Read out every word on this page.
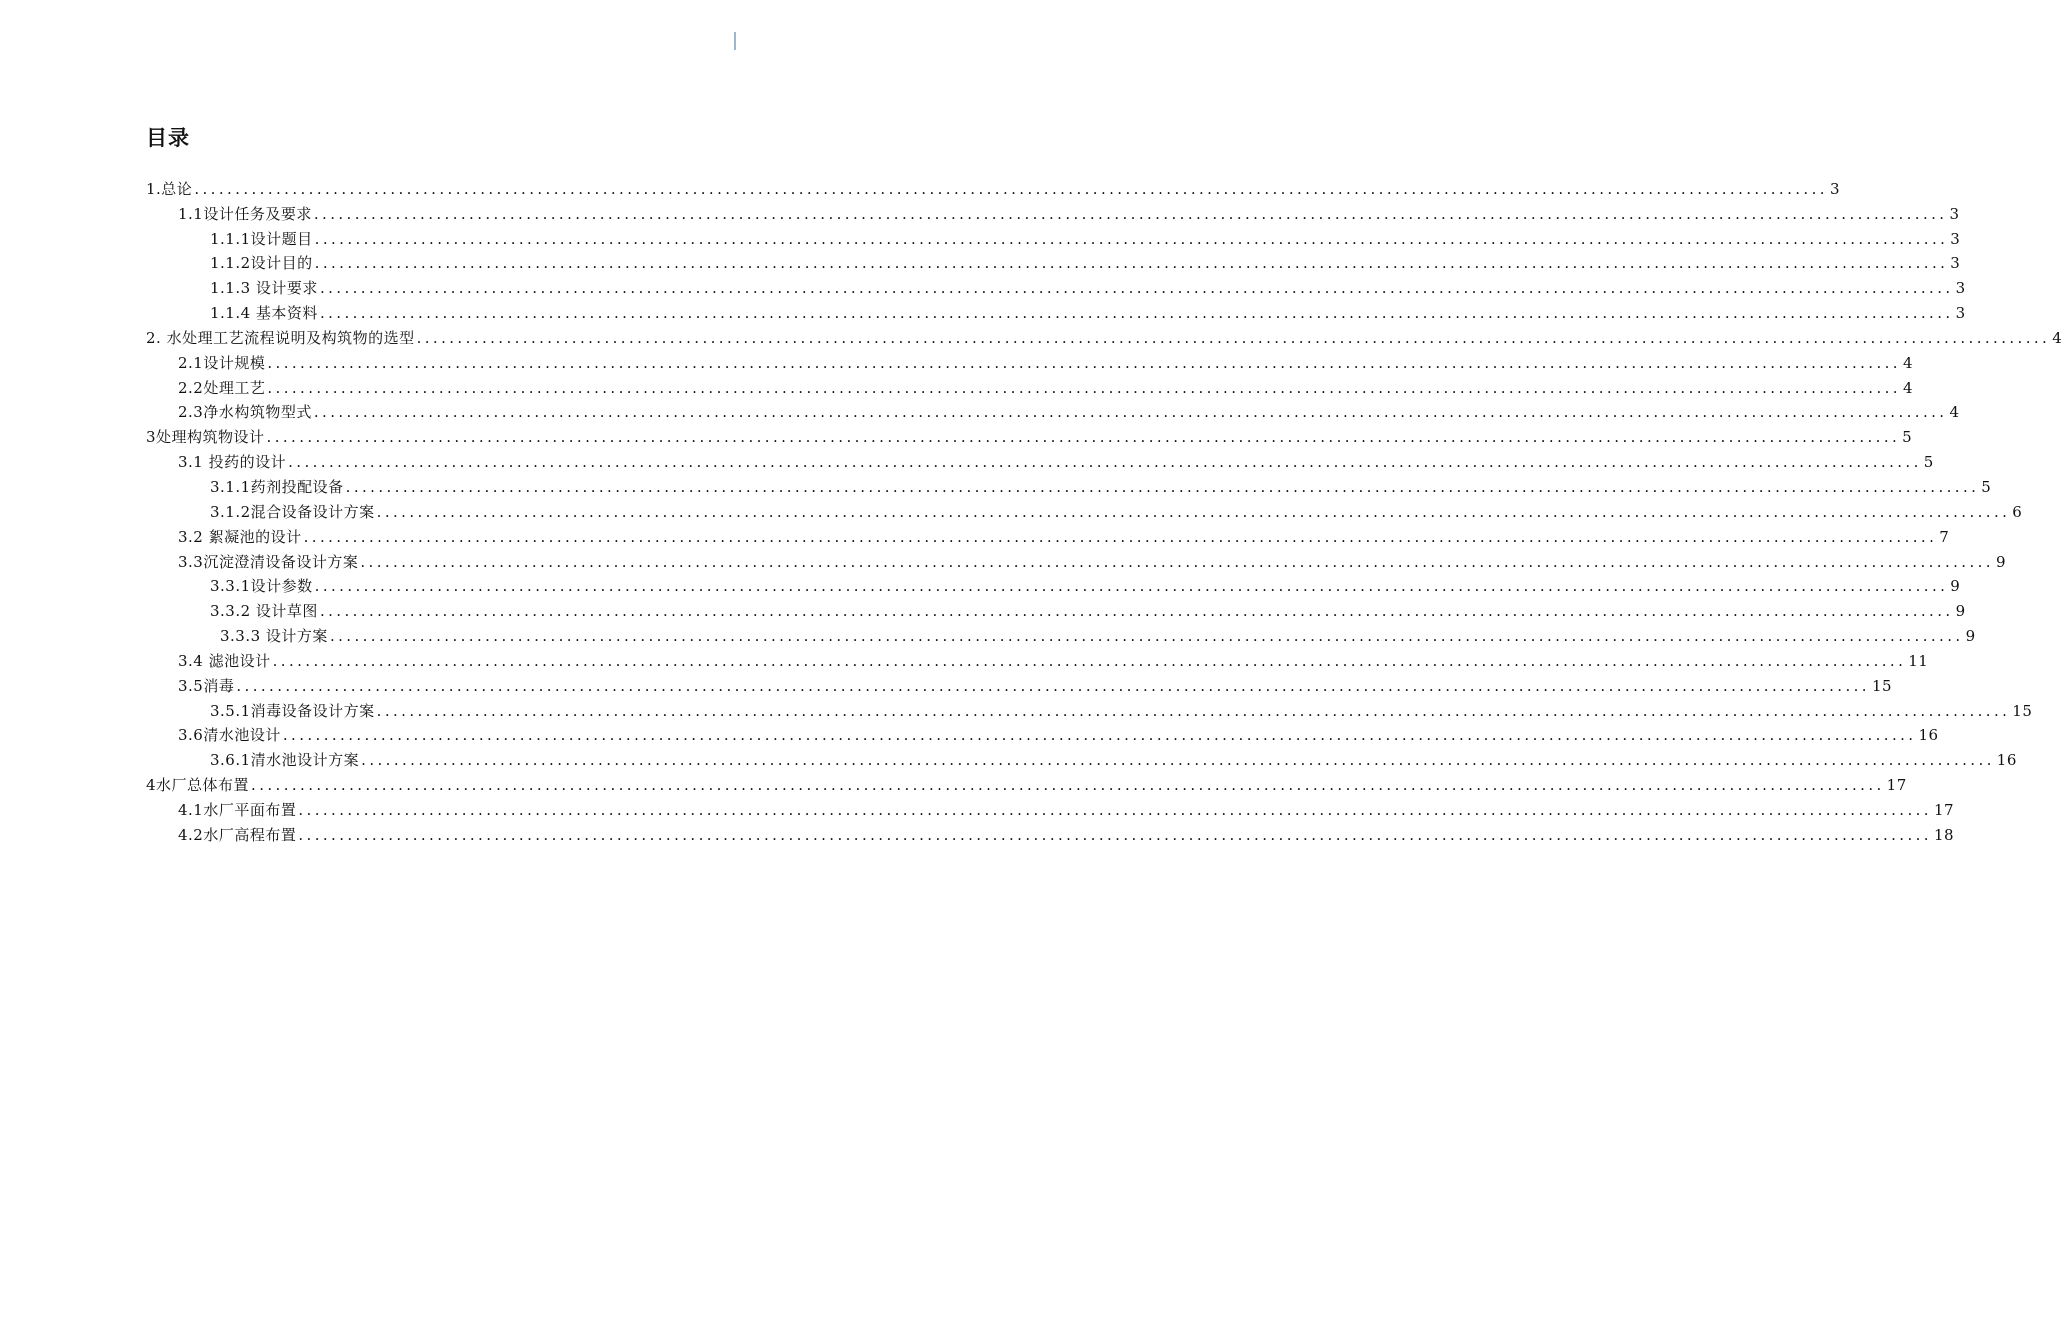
目录
1.总论 ........................................................................................................................................................................................................ 3
1.1设计任务及要求 ........................................................................................................................................................................................................ 3
1.1.1设计题目 ........................................................................................................................................................................................................ 3
1.1.2设计目的 ........................................................................................................................................................................................................ 3
1.1.3 设计要求 ........................................................................................................................................................................................................ 3
1.1.4 基本资料 ........................................................................................................................................................................................................ 3
2. 水处理工艺流程说明及构筑物的选型 ........................................................................................................................................................................................................ 4
2.1设计规模 ........................................................................................................................................................................................................ 4
2.2处理工艺 ........................................................................................................................................................................................................ 4
2.3净水构筑物型式 ........................................................................................................................................................................................................ 4
3处理构筑物设计 ........................................................................................................................................................................................................ 5
3.1 投药的设计 ........................................................................................................................................................................................................ 5
3.1.1药剂投配设备 ........................................................................................................................................................................................................ 5
3.1.2混合设备设计方案 ........................................................................................................................................................................................................ 6
3.2 絮凝池的设计 ........................................................................................................................................................................................................ 7
3.3沉淀澄清设备设计方案 ........................................................................................................................................................................................................ 9
3.3.1设计参数 ........................................................................................................................................................................................................ 9
3.3.2 设计草图 ........................................................................................................................................................................................................ 9
3.3.3 设计方案 ........................................................................................................................................................................................................ 9
3.4 滤池设计 ........................................................................................................................................................................................................ 11
3.5消毒 ........................................................................................................................................................................................................ 15
3.5.1消毒设备设计方案 ........................................................................................................................................................................................................ 15
3.6清水池设计 ........................................................................................................................................................................................................ 16
3.6.1清水池设计方案 ........................................................................................................................................................................................................ 16
4水厂总体布置 ........................................................................................................................................................................................................ 17
4.1水厂平面布置 ........................................................................................................................................................................................................ 17
4.2水厂高程布置 ........................................................................................................................................................................................................ 18
